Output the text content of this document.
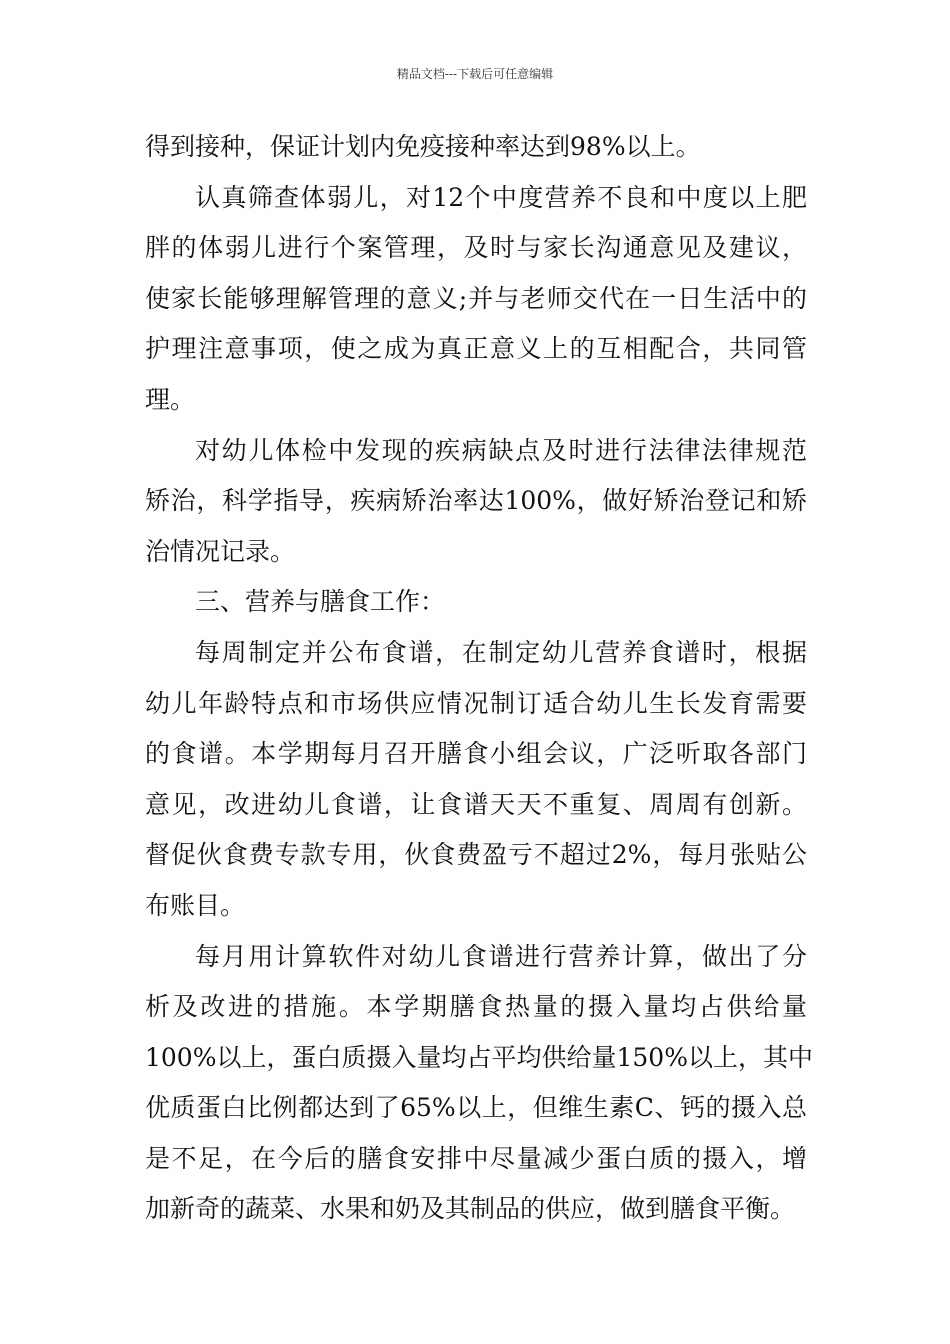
精品文档---下载后可任意编辑
得到接种，保证计划内免疫接种率达到98%以上。
认真筛查体弱儿，对12个中度营养不良和中度以上肥
胖的体弱儿进行个案管理，及时与家长沟通意见及建议，
使家长能够理解管理的意义;并与老师交代在一日生活中的
护理注意事项，使之成为真正意义上的互相配合，共同管
理。
对幼儿体检中发现的疾病缺点及时进行法律法律规范
矫治，科学指导，疾病矫治率达100%，做好矫治登记和矫
治情况记录。
三、营养与膳食工作：
每周制定并公布食谱，在制定幼儿营养食谱时，根据
幼儿年龄特点和市场供应情况制订适合幼儿生长发育需要
的食谱。本学期每月召开膳食小组会议，广泛听取各部门
意见，改进幼儿食谱，让食谱天天不重复、周周有创新。
督促伙食费专款专用，伙食费盈亏不超过2%，每月张贴公
布账目。
每月用计算软件对幼儿食谱进行营养计算，做出了分
析及改进的措施。本学期膳食热量的摄入量均占供给量
100%以上，蛋白质摄入量均占平均供给量150%以上，其中
优质蛋白比例都达到了65%以上，但维生素C、钙的摄入总
是不足，在今后的膳食安排中尽量减少蛋白质的摄入，增
加新奇的蔬菜、水果和奶及其制品的供应，做到膳食平衡。
